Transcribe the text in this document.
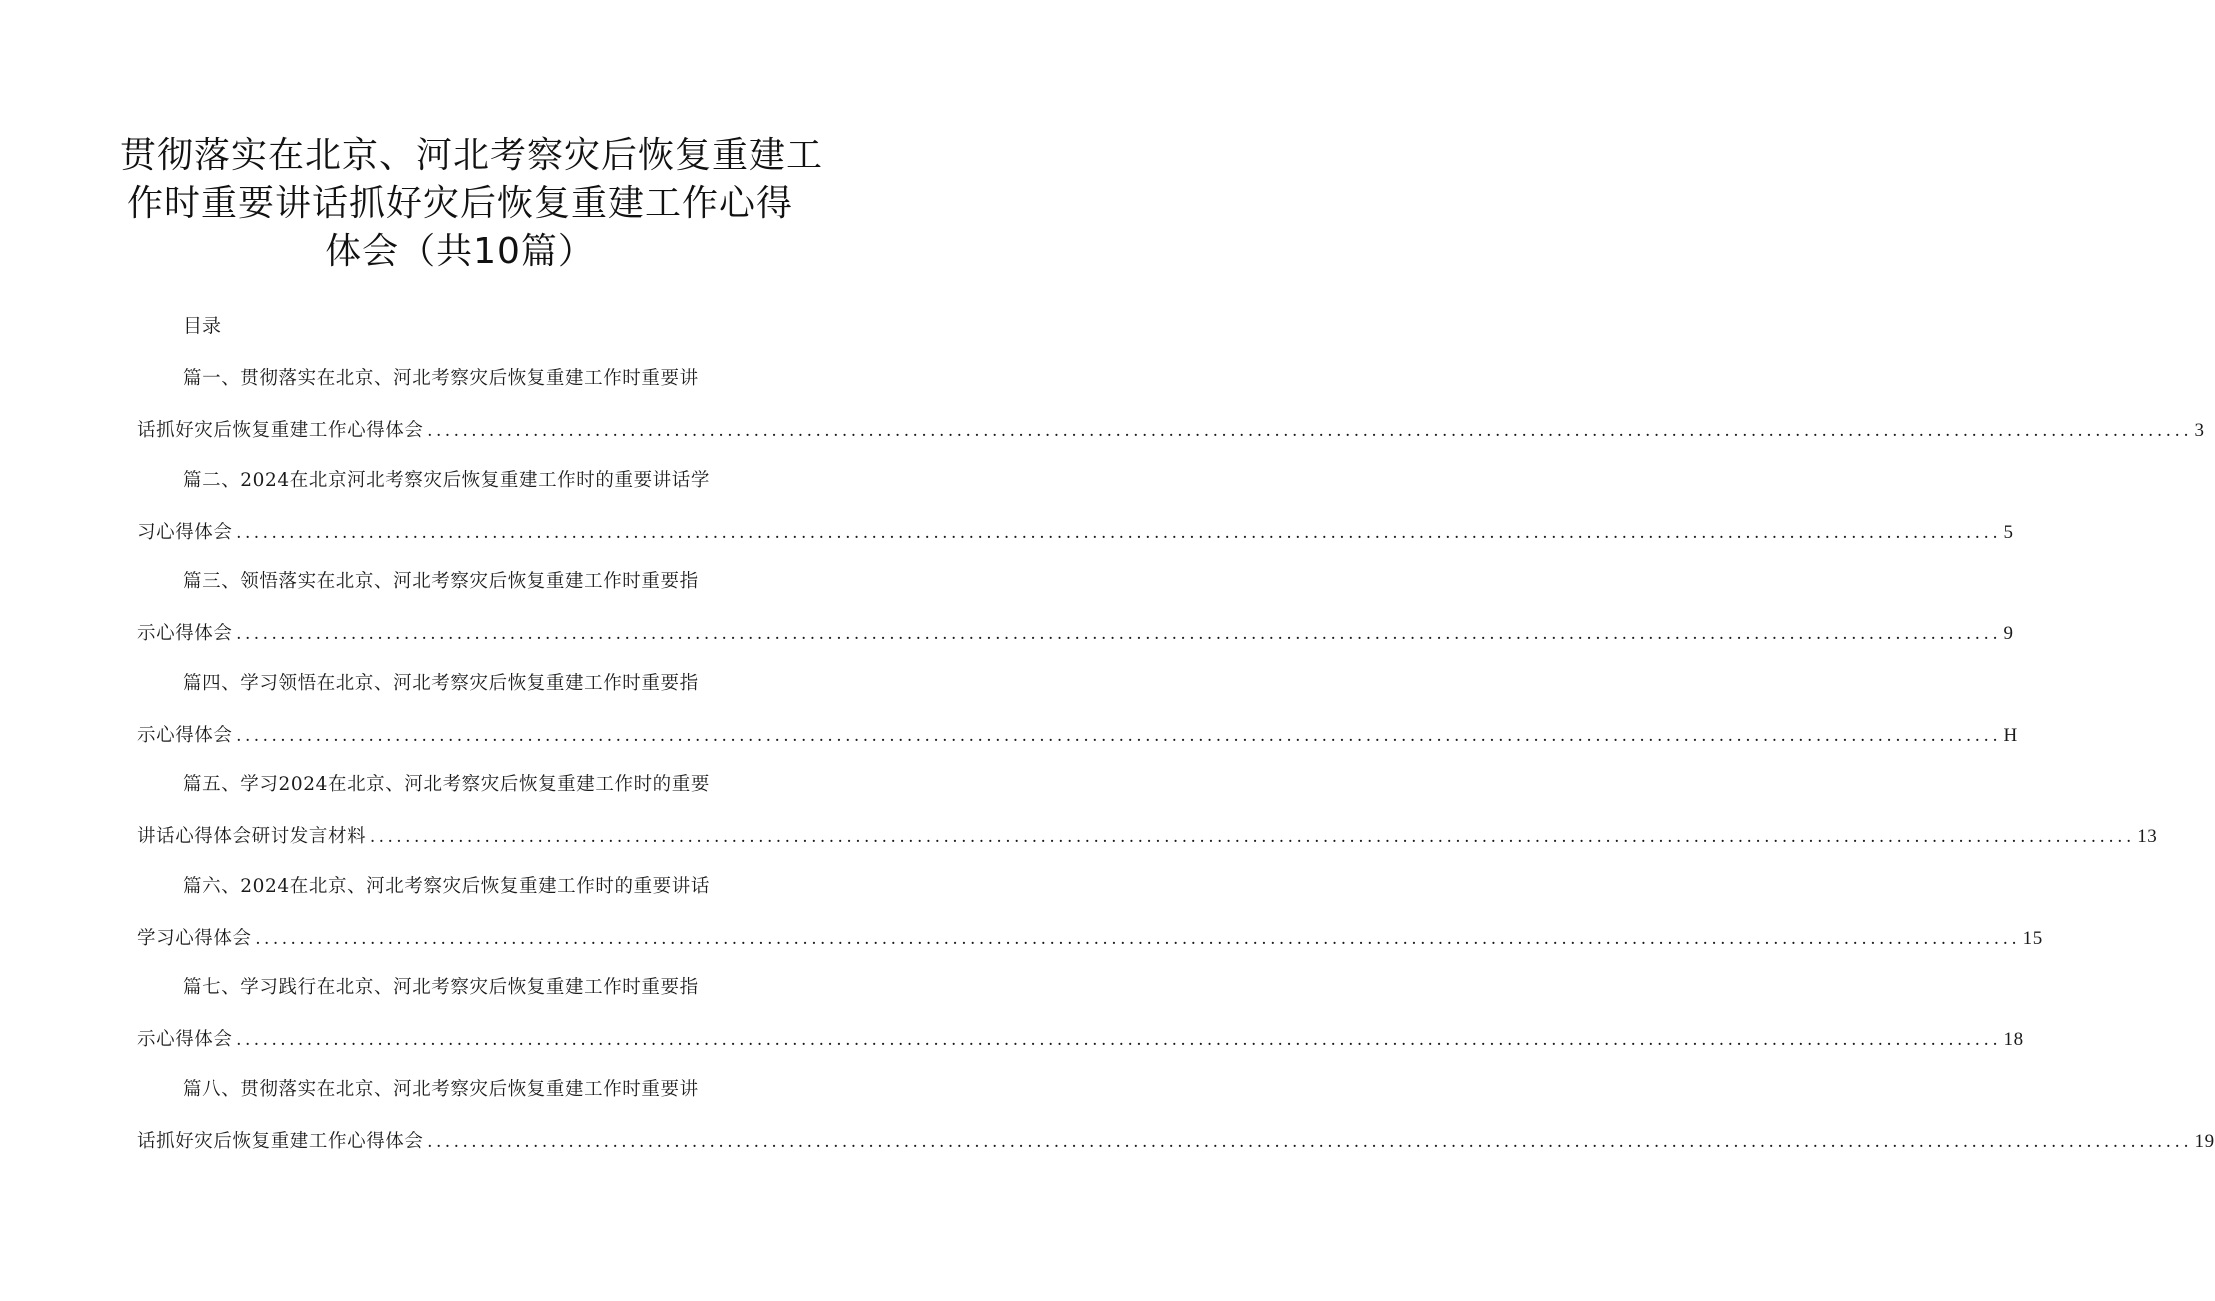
贯彻落实在北京、河北考察灾后恢复重建工
作时重要讲话抓好灾后恢复重建工作心得
体会（共10篇）
目录
篇一、贯彻落实在北京、河北考察灾后恢复重建工作时重要讲
话抓好灾后恢复重建工作心得体会 ........................................................................................................................................................................................................ 3
篇二、2024在北京河北考察灾后恢复重建工作时的重要讲话学
习心得体会 ........................................................................................................................................................................................................ 5
篇三、领悟落实在北京、河北考察灾后恢复重建工作时重要指
示心得体会 ........................................................................................................................................................................................................ 9
篇四、学习领悟在北京、河北考察灾后恢复重建工作时重要指
示心得体会 ........................................................................................................................................................................................................ H
篇五、学习2024在北京、河北考察灾后恢复重建工作时的重要
讲话心得体会研讨发言材料 ........................................................................................................................................................................................................ 13
篇六、2024在北京、河北考察灾后恢复重建工作时的重要讲话
学习心得体会 ........................................................................................................................................................................................................ 15
篇七、学习践行在北京、河北考察灾后恢复重建工作时重要指
示心得体会 ........................................................................................................................................................................................................ 18
篇八、贯彻落实在北京、河北考察灾后恢复重建工作时重要讲
话抓好灾后恢复重建工作心得体会 ........................................................................................................................................................................................................ 19
